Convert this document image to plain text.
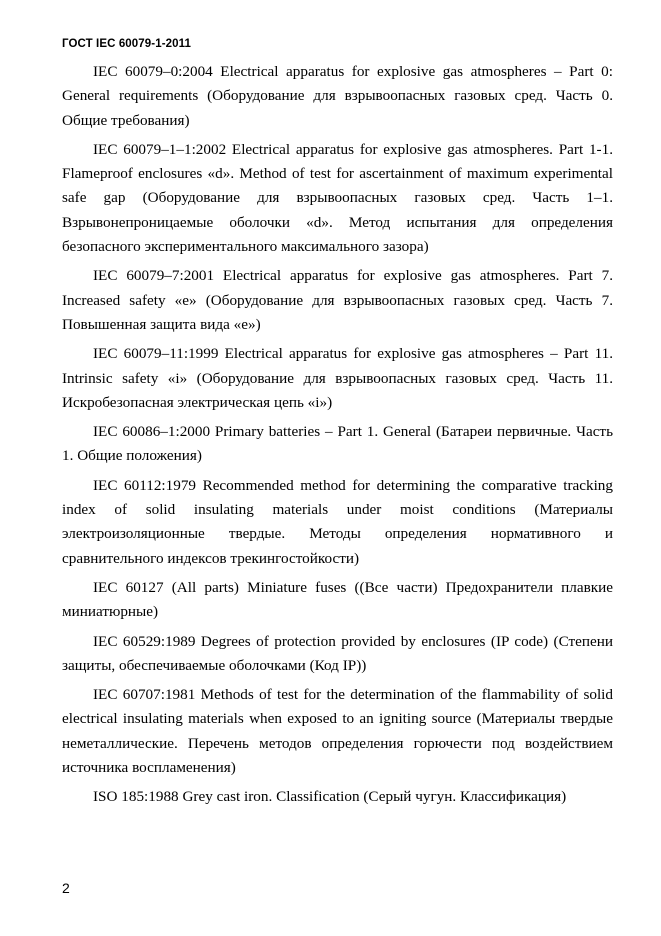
ГОСТ IEC 60079-1-2011

IEC 60079–0:2004 Electrical apparatus for explosive gas atmospheres – Part 0: General requirements (Оборудование для взрывоопасных газовых сред. Часть 0. Общие требования)

IEC 60079–1–1:2002 Electrical apparatus for explosive gas atmospheres. Part 1-1. Flameproof enclosures «d». Method of test for ascertainment of maximum experimental safe gap (Оборудование для взрывоопасных газовых сред. Часть 1–1. Взрывонепроницаемые оболочки «d». Метод испытания для определения безопасного экспериментального максимального зазора)

IEC 60079–7:2001 Electrical apparatus for explosive gas atmospheres. Part 7. Increased safety «e» (Оборудование для взрывоопасных газовых сред. Часть 7. Повышенная защита вида «е»)

IEC 60079–11:1999 Electrical apparatus for explosive gas atmospheres – Part 11. Intrinsic safety «i» (Оборудование для взрывоопасных газовых сред. Часть 11. Искробезопасная электрическая цепь «i»)

IEC 60086–1:2000 Primary batteries – Part 1. General (Батареи первичные. Часть 1. Общие положения)

IEC 60112:1979 Recommended method for determining the comparative tracking index of solid insulating materials under moist conditions (Материалы электроизоляционные твердые. Методы определения нормативного и сравнительного индексов трекингостойкости)

IEC 60127 (All parts) Miniature fuses ((Все части) Предохранители плавкие миниатюрные)

IEC 60529:1989 Degrees of protection provided by enclosures (IP code) (Степени защиты, обеспечиваемые оболочками (Код IP))

IEC 60707:1981 Methods of test for the determination of the flammability of solid electrical insulating materials when exposed to an igniting source (Материалы твердые неметаллические. Перечень методов определения горючести под воздействием источника воспламенения)

ISO 185:1988 Grey cast iron. Classification (Серый чугун. Классификация)

2
